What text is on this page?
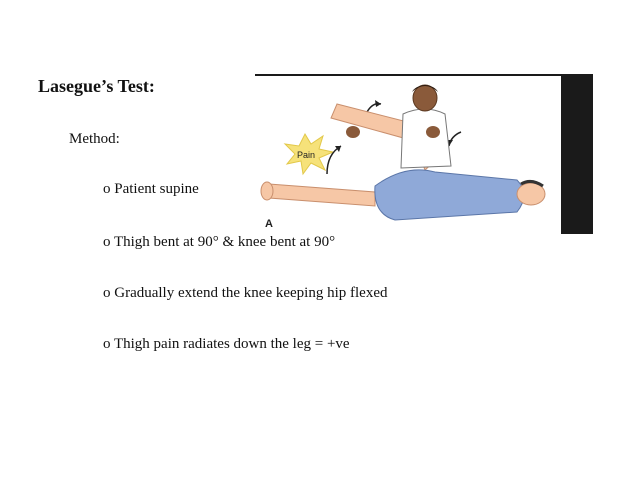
Lasegue’s Test:
Method:
o Patient supine
o Thigh bent at 90° & knee bent at 90°
o Gradually extend the knee keeping hip flexed
o Thigh pain radiates down the leg = +ve
Pain
A
